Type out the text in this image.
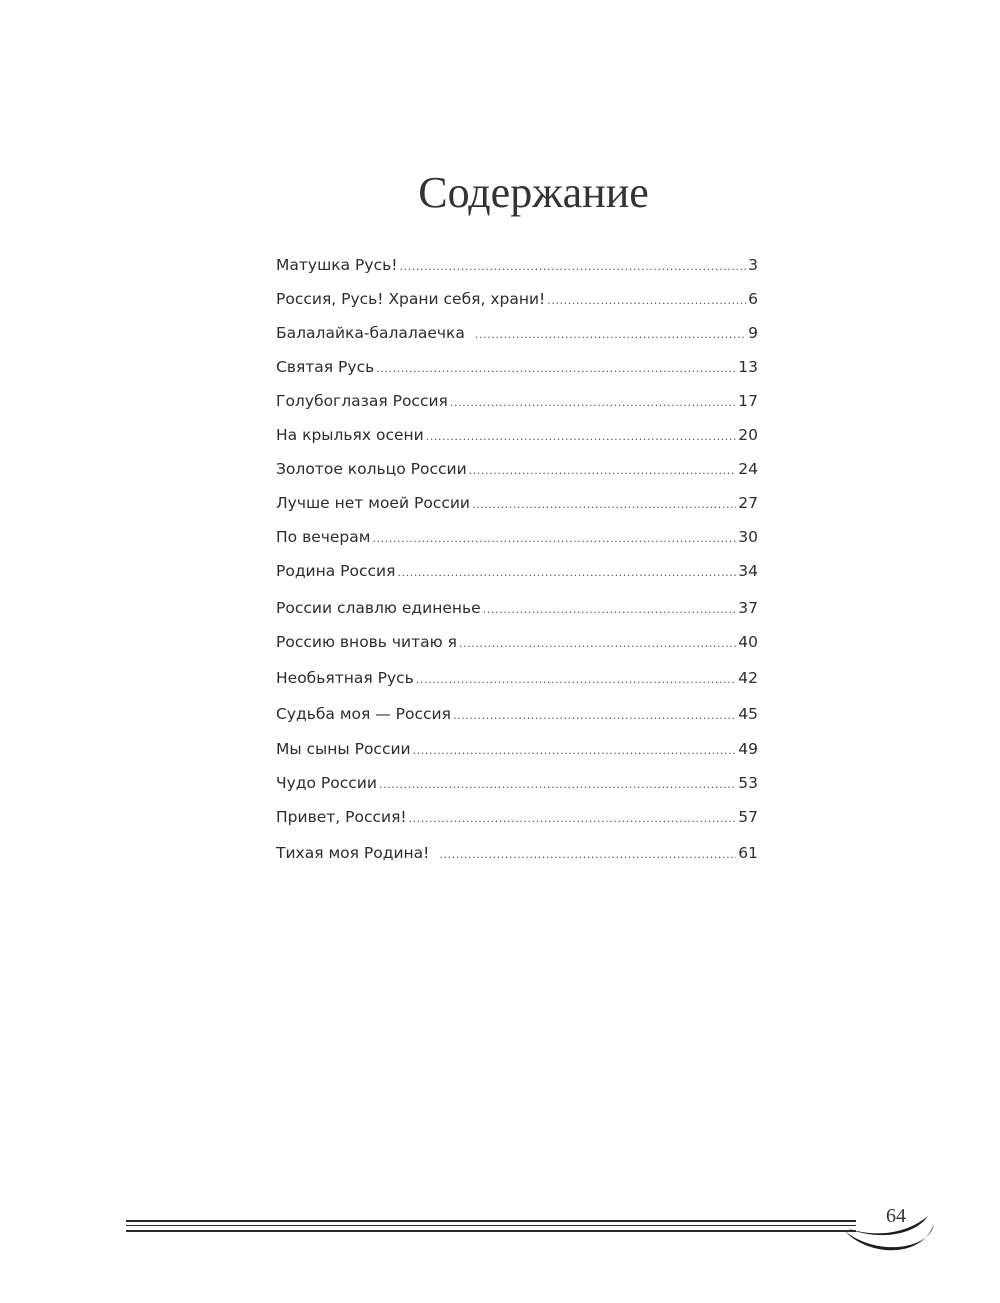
Содержание
Матушка Русь! .....	3
Россия, Русь! Храни себя, храни! .....	6
Балалайка-балалаечка .....	9
Святая Русь .....	13
Голубоглазая Россия .....	17
На крыльях осени .....	20
Золотое кольцо России .....	24
Лучше нет моей России .....	27
По вечерам .....	30
Родина Россия .....	34
России славлю единенье .....	37
Россию вновь читаю я .....	40
Необьятная Русь .....	42
Судьба моя — Россия .....	45
Мы сыны России .....	49
Чудо России .....	53
Привет, Россия! .....	57
Тихая моя Родина! .....	61
64
